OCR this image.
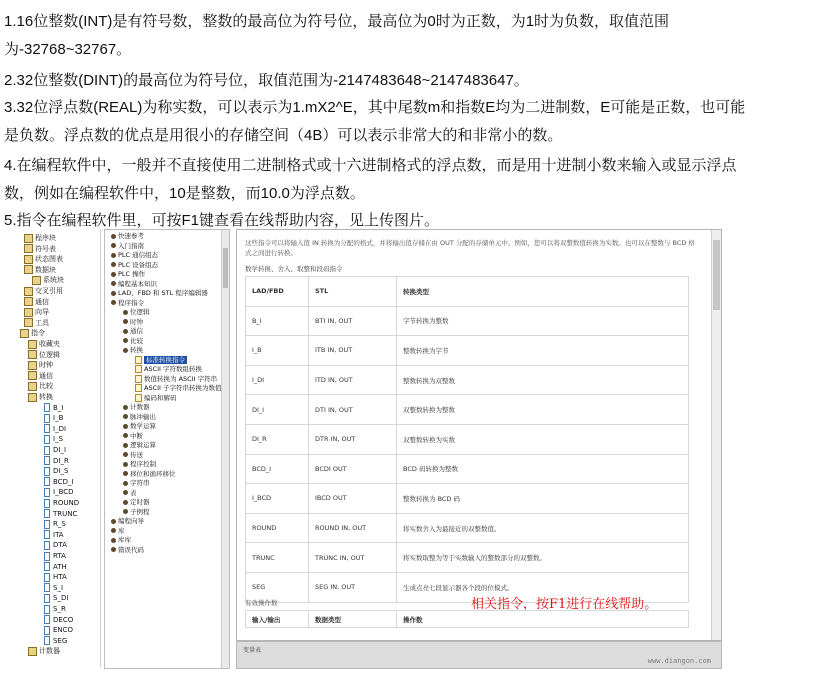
1.16位整数(INT)是有符号数，整数的最高位为符号位，最高位为0时为正数，为1时为负数，取值范围
为-32768~32767。
2.32位整数(DINT)的最高位为符号位，取值范围为-2147483648~2147483647。
3.32位浮点数(REAL)为称实数，可以表示为1.mX2^E，其中尾数m和指数E均为二进制数，E可能是正数，也可能
是负数。浮点数的优点是用很小的存储空间（4B）可以表示非常大的和非常小的数。
4.在编程软件中，一般并不直接使用二进制格式或十六进制格式的浮点数，而是用十进制小数来输入或显示浮点
数，例如在编程软件中，10是整数，而10.0为浮点数。
5.指令在编程软件里，可按F1键查看在线帮助内容，见上传图片。
程序块
符号表
状态图表
数据块
系统块
交叉引用
通信
向导
工具
指令
收藏夹
位逻辑
时钟
通信
比较
转换
B_I
I_B
I_DI
I_S
DI_I
DI_R
DI_S
BCD_I
I_BCD
ROUND
TRUNC
R_S
ITA
DTA
RTA
ATH
HTA
S_I
S_DI
S_R
DECO
ENCO
SEG
计数器
快速参考
入门指南
PLC 通信组态
PLC 设备组态
PLC 操作
编程基本知识
LAD、FBD 和 STL 程序编辑器
程序指令
位逻辑
时钟
通信
比较
转换
标准转换指令
ASCII 字符数组转换
数值转换为 ASCII 字符串
ASCII 子字符串转换为数值
编码和解码
计数器
脉冲输出
数学运算
中断
逻辑运算
传送
程序控制
移位和循环移位
字符串
表
定时器
子例程
编程向导
库
库库
错误代码
这些指令可以将输入值 IN 转换为分配的格式，并将输出值存储在由 OUT 分配的存储单元中。例如，您可以将双整数值转换为实数。也可以在整数与 BCD 格式之间进行转换。
数学转换、舍入、取整和段码指令
LAD/FBD	STL	转换类型
B_I	BTI IN, OUT	字节转换为整数
I_B	ITB IN, OUT	整数转换为字节
I_DI	ITD IN, OUT	整数转换为双整数
DI_I	DTI IN, OUT	双整数转换为整数
DI_R	DTR IN, OUT	双整数转换为实数
BCD_I	BCDI OUT	BCD 码转换为整数
I_BCD	IBCD OUT	整数转换为 BCD 码
ROUND	ROUND IN, OUT	将实数舍入为最接近的双整数值。
TRUNC	TRUNC IN, OUT	将实数取整为等于实数输入的整数部分的双整数。
SEG	SEG IN, OUT	生成点亮七段显示器各个段的位模式。
有效操作数	相关指令，按F1进行在线帮助。
输入/输出	数据类型	操作数
变量表
www.diangon.com
